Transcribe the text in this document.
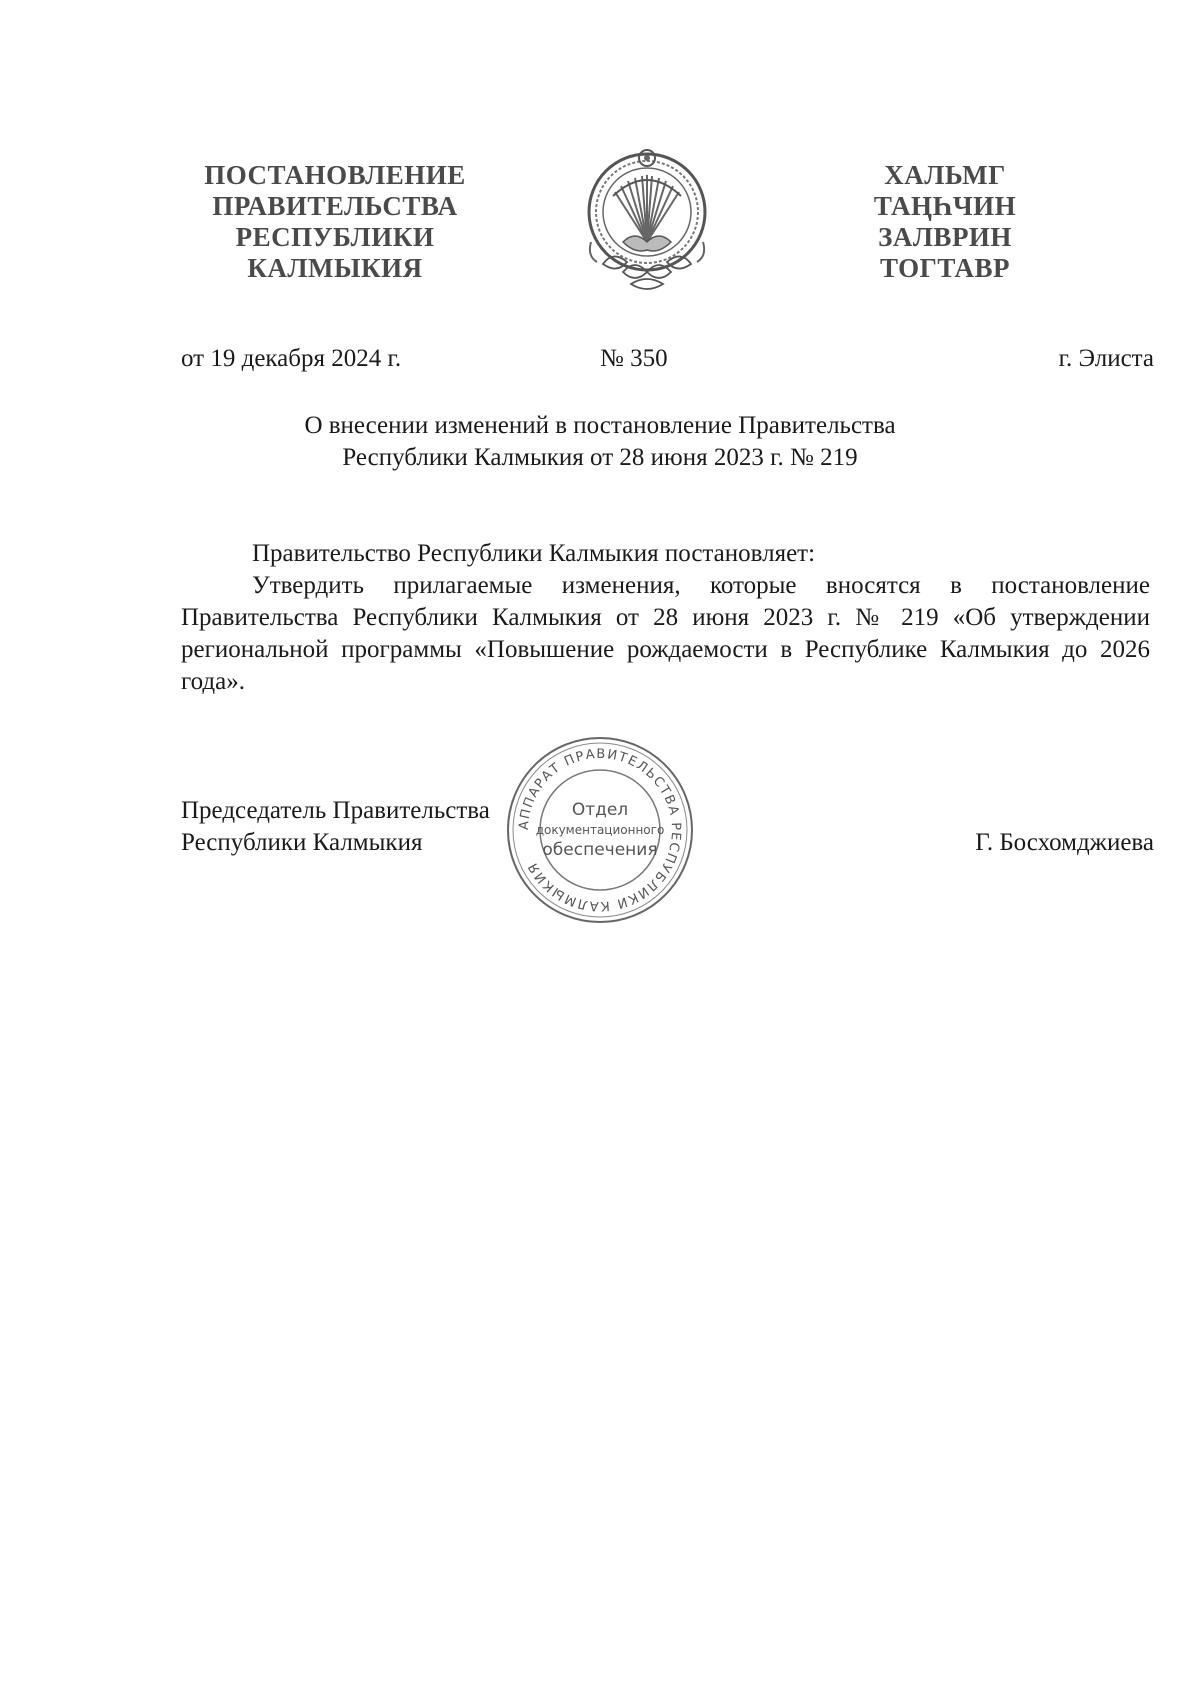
ПОСТАНОВЛЕНИЕ
ПРАВИТЕЛЬСТВА
РЕСПУБЛИКИ
КАЛМЫКИЯ
ХАЛЬМГ
ТАҢҺЧИН
ЗАЛВРИН
ТОГТАВР
от 19 декабря 2024 г.	№ 350	г. Элиста
О внесении изменений в постановление Правительства
Республики Калмыкия от 28 июня 2023 г. № 219

Правительство Республики Калмыкия постановляет:

Утвердить прилагаемые изменения, которые вносятся в постановление Правительства Республики Калмыкия от 28 июня 2023 г. № 219 «Об утверждении региональной программы «Повышение рождаемости в Республике Калмыкия до 2026 года».

Председатель Правительства
Республики Калмыкия
АППАРАТ ПРАВИТЕЛЬСТВА РЕСПУБЛИКИ КАЛМЫКИЯ
Отдел
документационного
обеспечения	Г. Босхомджиева
